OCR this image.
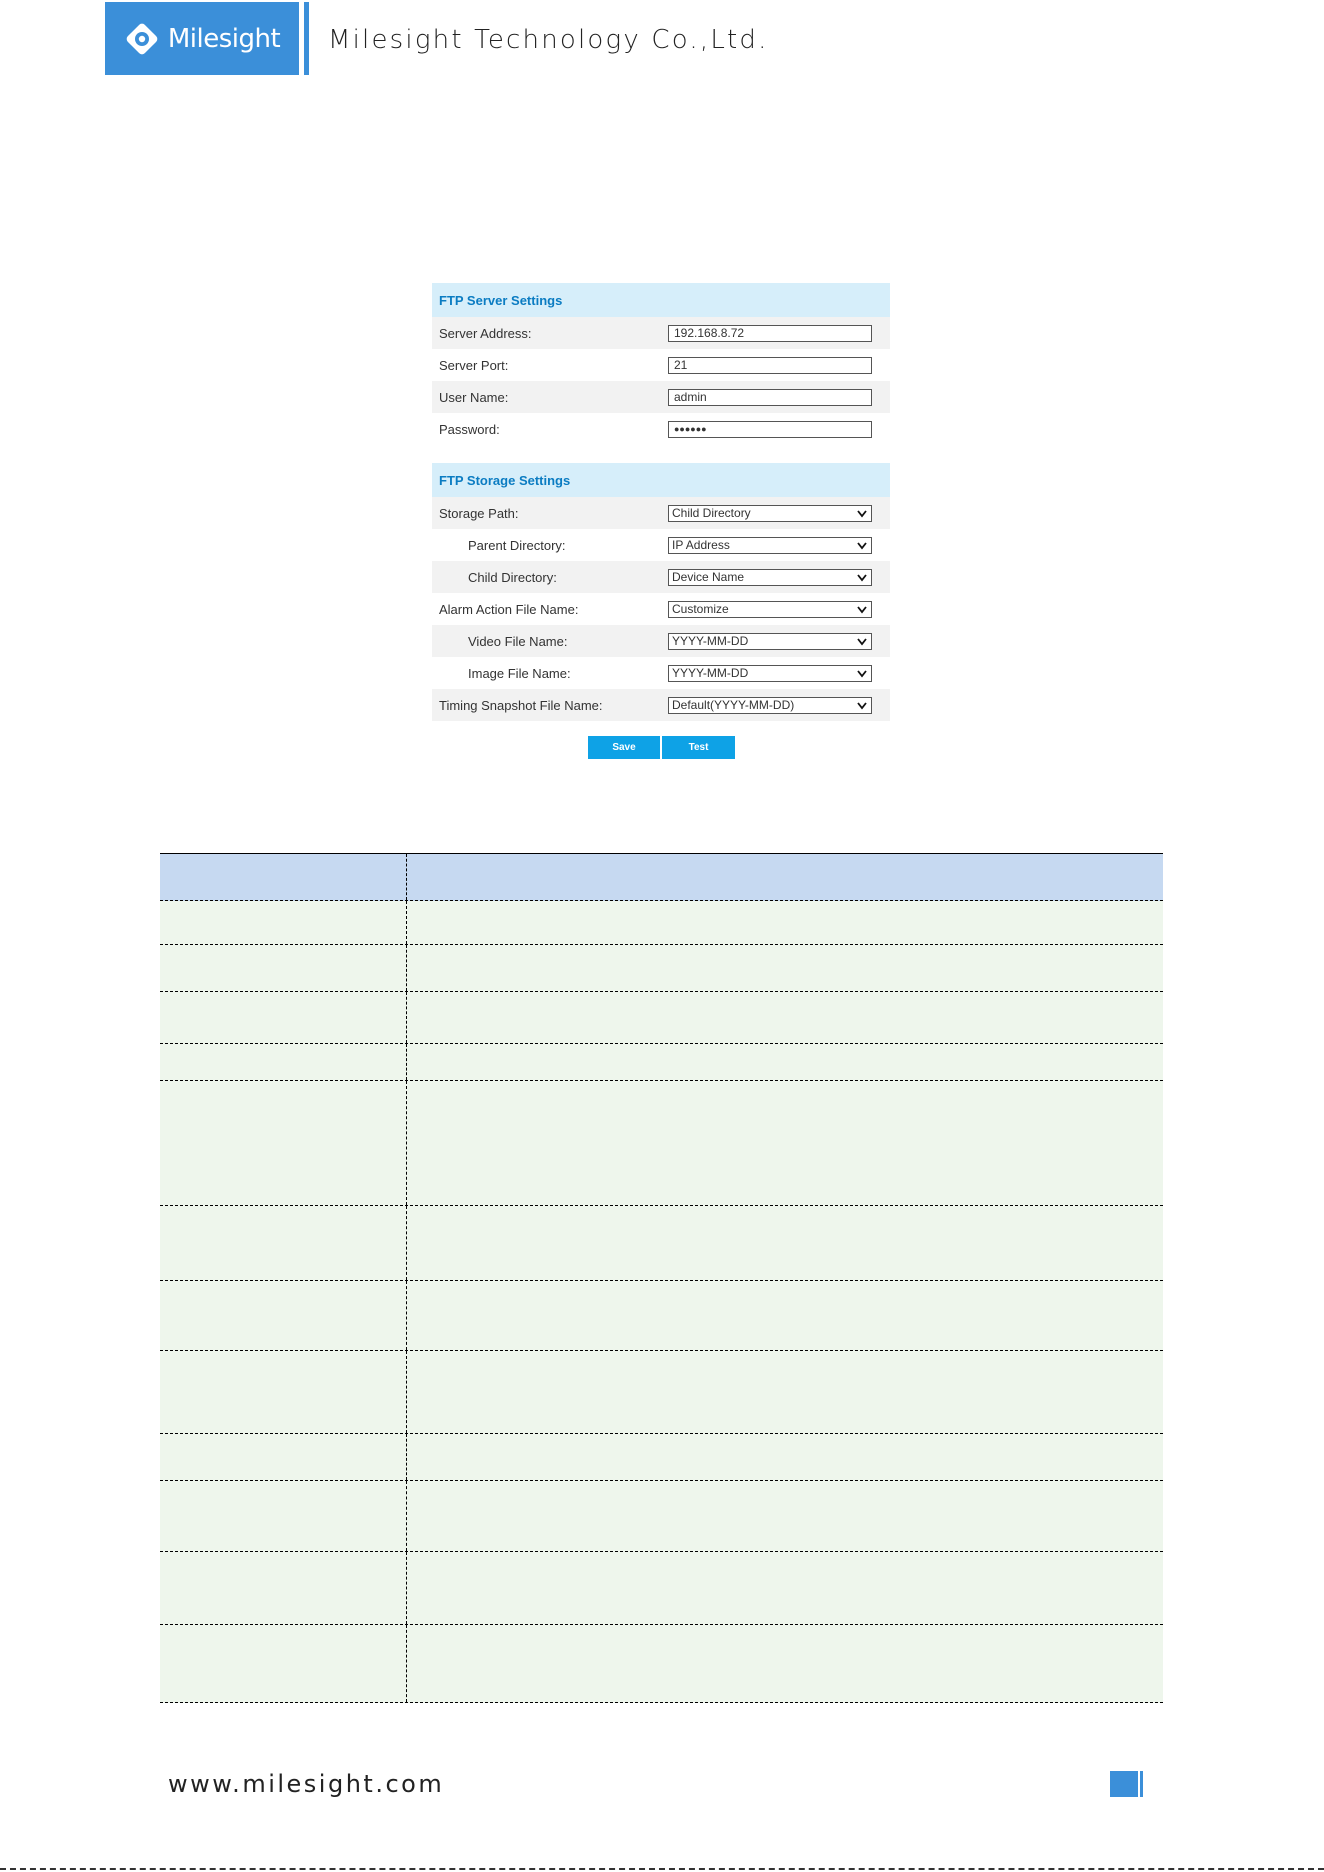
Milesight Milesight Technology Co.,Ltd.
FTP Server Settings
Server Address:	192.168.8.72
Server Port:	21
User Name:	admin
Password:	●●●●●●
FTP Storage Settings
Storage Path:	Child Directory
Parent Directory:	IP Address
Child Directory:	Device Name
Alarm Action File Name:	Customize
Video File Name:	YYYY-MM-DD
Image File Name:	YYYY-MM-DD
Timing Snapshot File Name:	Default(YYYY-MM-DD)
Save	Test
www.milesight.com
